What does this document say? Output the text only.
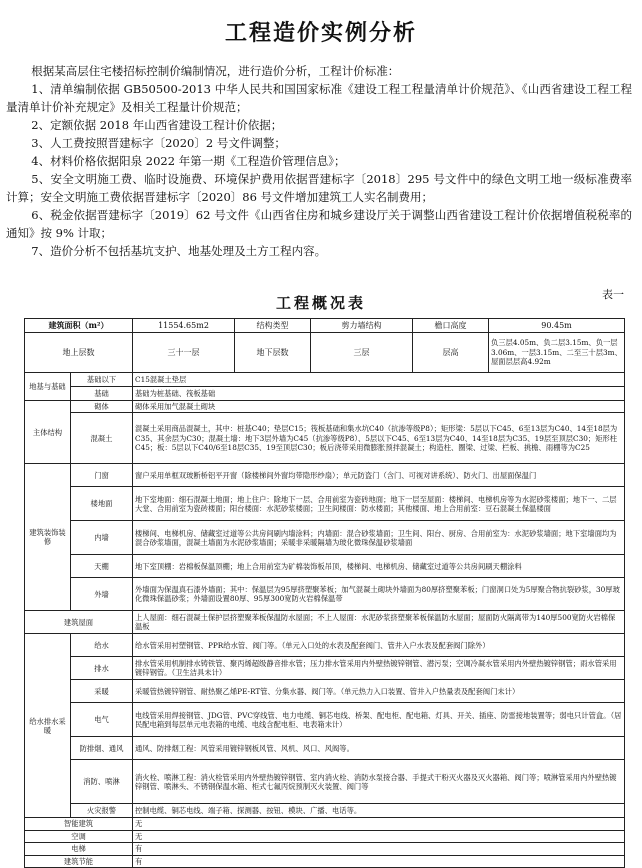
工程造价实例分析

根据某高层住宅楼招标控制价编制情况，进行造价分析，工程计价标准：

1、清单编制依据 GB50500-2013 中华人民共和国国家标准《建设工程工程量清单计价规范》、《山西省建设工程工程量清单计价补充规定》及相关工程量计价规范；

2、定额依据 2018 年山西省建设工程计价依据；

3、人工费按照晋建标字〔2020〕2 号文件调整；

4、材料价格依据阳泉 2022 年第一期《工程造价管理信息》；

5、安全文明施工费、临时设施费、环境保护费用依据晋建标字〔2018〕295 号文件中的绿色文明工地一级标准费率计算；安全文明施工费依据晋建标字〔2020〕86 号文件增加建筑工人实名制费用；

6、税金依据晋建标字〔2019〕62 号文件《山西省住房和城乡建设厅关于调整山西省建设工程计价依据增值税税率的通知》按 9% 计取；

7、造价分析不包括基坑支护、地基处理及土方工程内容。

工程概况表	表一
建筑面积（m²）		11554.65m2	结构类型	剪力墙结构	檐口高度	90.45m
地上层数		三十一层	地下层数	三层	层高	负三层4.05m、负二层3.15m、负一层3.06m、一层3.15m、二至三十层3m、屋面层层高4.92m
地基与基础	基础以下	C15混凝土垫层				
	基础	基础为桩基础、筏板基础				
主体结构	砌体	砌体采用加气混凝土砌块				
	混凝土	混凝土采用商品混凝土，其中：桩基C40；垫层C15；筏板基础和集水坑C40（抗渗等级P8）；矩形梁：5层以下C45、6至13层为C40、14至18层为C35、其余层为C30；混凝土墙：地下3层外墙为C45（抗渗等级P8）、5层以下C45、6至13层为C40、14至18层为C35、19层至顶层C30；矩形柱C45；板：5层以下C40/6至18层C35、19至顶层C30；板后浇带采用微膨胀预拌混凝土；构造柱、圈梁、过梁、栏板、挑檐、雨棚等为C25				
建筑装饰装修	门窗	窗户采用单框双玻断桥铝平开窗（除楼梯间外窗均带隐形纱扇）；单元防盗门（含门、可视对讲系统）、防火门、出屋面保温门				
	楼地面	地下室地面：细石混凝土地面；地上住户：除地下一层、合用前室为瓷砖地面；地下一层至屋面：楼梯间、电梯机房等为水泥砂浆楼面；地下一、二层大堂、合用前室为瓷砖楼面；阳台楼面：水泥砂浆楼面；卫生间楼面：防水楼面；其他楼面、地上合用前室：豆石混凝土保温楼面				
	内墙	楼梯间、电梯机房、储藏室过道等公共房间刷内墙涂料；内墙面：混合砂浆墙面；卫生间、阳台、厨房、合用前室为：水泥砂浆墙面；地下室墙面均为混合砂浆墙面，混凝土墙面为水泥砂浆墙面；采暖非采暖隔墙为玻化微珠保温砂浆墙面				
	天棚	地下室顶棚：岩棉板保温顶棚；地上合用前室为矿棉装饰板吊顶，楼梯间、电梯机房、储藏室过道等公共房间刷天棚涂料				
	外墙	外墙面为保温真石漆外墙面；其中：保温层为95厚挤塑聚苯板；加气混凝土砌块外墙面为80厚挤塑聚苯板；门窗洞口处为5厚聚合物抗裂砂浆，30厚玻化微珠保温砂浆；外墙面设置80厚、95厚300宽防火岩棉保温带				
建筑屋面		上人屋面：细石混凝土保护层挤塑聚苯板保温防水屋面；不上人屋面：水泥砂浆挤塑聚苯板保温防水屋面；屋面防火隔离带为140厚500宽防火岩棉保温板				
给水排水采暖	给水	给水管采用衬塑钢管、PPR给水管、阀门等。（单元入口处的水表及配套阀门、管井入户水表及配套阀门除外）				
	排水	排水管采用机制排水铸铁管、聚丙烯超级静音排水管；压力排水管采用内外壁热镀锌钢管、潜污泵；空调冷凝水管采用内外壁热镀锌钢管；雨水管采用镀锌钢管。（卫生洁具未计）				
	采暖	采暖管热镀锌钢管、耐热聚乙烯PE-RT管、分集水器、阀门等。（单元热力入口装置、管井入户热量表及配套阀门未计）				
	电气	电线管采用焊接钢管、JDG管、PVC穿线管、电力电缆、铜芯电线、桥架、配电柜、配电箱、灯具、开关、插座、防雷接地装置等；弱电只计管盒。（居民配电箱到每层单元电表箱的电缆、电线含配电柜、电表箱未计）				
	防排烟、通风	通风、防排烟工程：风管采用镀锌钢板风管、风机、风口、风阀等。				
	消防、喷淋	消火栓、喷淋工程：消火栓管采用内外壁热镀锌钢管、室内消火栓、消防水泵接合器、手提式干粉灭火器及灭火器箱、阀门等；喷淋管采用内外壁热镀锌钢管、喷淋头、不锈钢保温水箱、柜式七氟丙烷预制灭火装置、阀门等				
	火灾报警	控制电缆、铜芯电线、端子箱、探测器、按钮、模块、广播、电话等。				
智能建筑		无				
空调		无				
电梯		有				
建筑节能		有				
